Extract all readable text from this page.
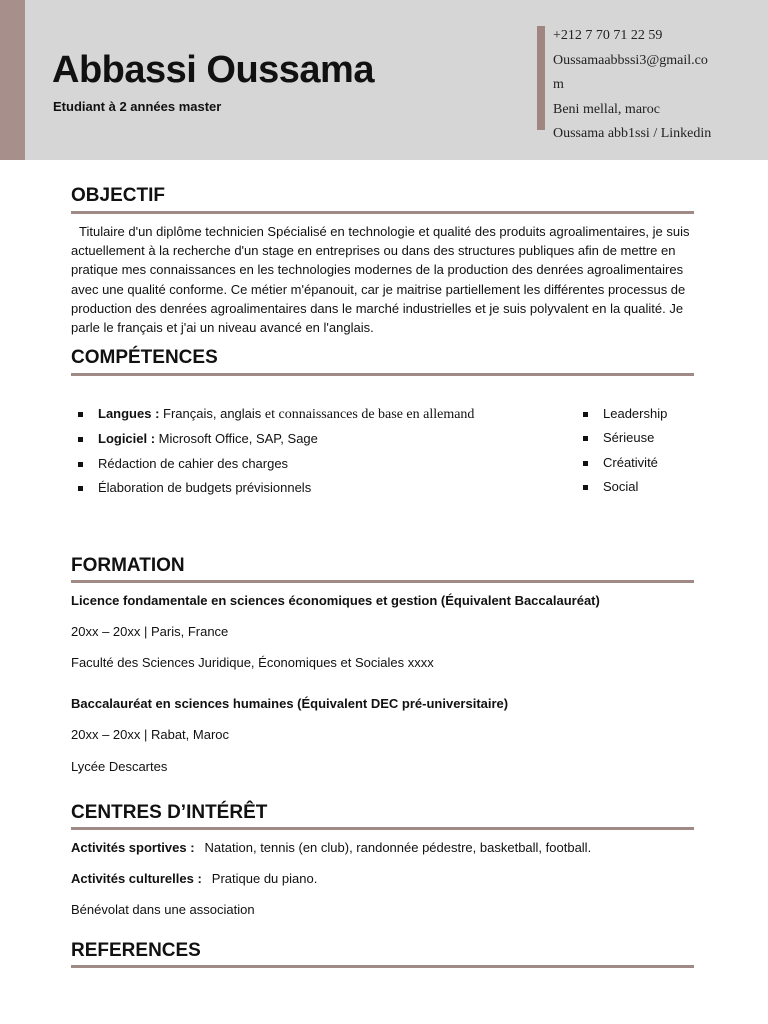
Abbassi Oussama
Etudiant à 2 années master
+212 7 70 71 22 59
Oussamaabbssi3@gmail.com
Beni mellal, maroc
Oussama abb1ssi / Linkedin
OBJECTIF

Titulaire d'un diplôme technicien Spécialisé en technologie et qualité des produits agroalimentaires, je suis actuellement à la recherche d'un stage en entreprises ou dans des structures publiques afin de mettre en pratique mes connaissances en les technologies modernes de la production des denrées agroalimentaires avec une qualité conforme. Ce métier m'épanouit, car je maitrise partiellement les différentes processus de production des denrées agroalimentaires dans le marché industrielles et je suis polyvalent en la qualité. Je parle le français et j'ai un niveau avancé en l'anglais.

COMPÉTENCES
Langues : Français, anglais et connaissances de base en allemand
Logiciel : Microsoft Office, SAP, Sage
Rédaction de cahier des charges
Élaboration de budgets prévisionnels
Leadership
Sérieuse
Créativité
Social
FORMATION
Licence fondamentale en sciences économiques et gestion (Équivalent Baccalauréat)
20xx – 20xx | Paris, France
Faculté des Sciences Juridique, Économiques et Sociales xxxx
Baccalauréat en sciences humaines (Équivalent DEC pré-universitaire)
20xx – 20xx | Rabat, Maroc
Lycée Descartes
CENTRES D’INTÉRÊT
Activités sportives : Natation, tennis (en club), randonnée pédestre, basketball, football.
Activités culturelles : Pratique du piano.
Bénévolat dans une association
REFERENCES
